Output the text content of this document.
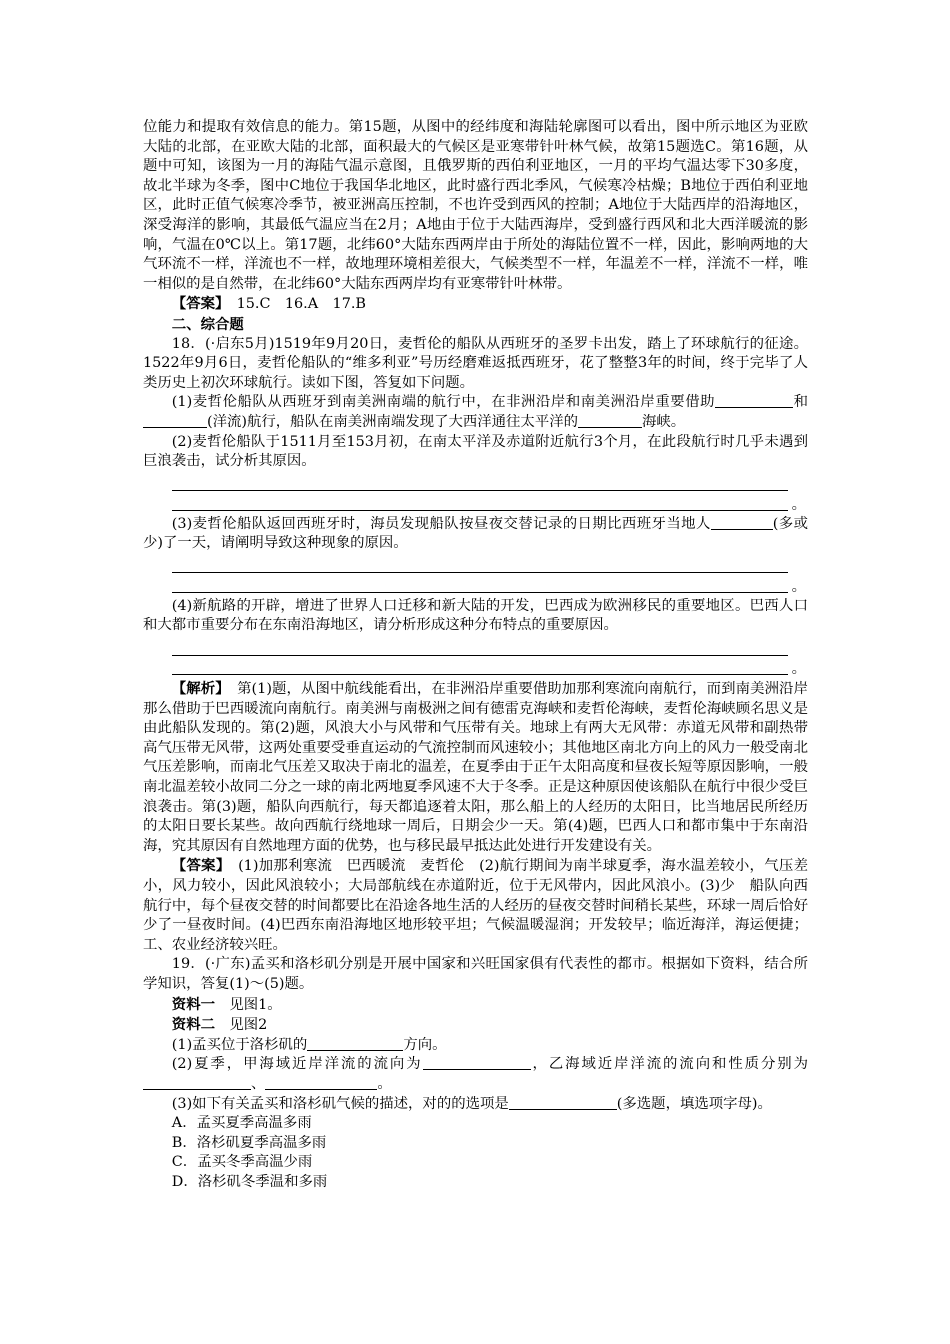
位能力和提取有效信息的能力。第15题，从图中的经纬度和海陆轮廓图可以看出，图中所示地区为亚欧大陆的北部，在亚欧大陆的北部，面积最大的气候区是亚寒带针叶林气候，故第15题选C。第16题，从题中可知，该图为一月的海陆气温示意图，且俄罗斯的西伯利亚地区，一月的平均气温达零下30多度，故北半球为冬季，图中C地位于我国华北地区，此时盛行西北季风，气候寒冷枯燥；B地位于西伯利亚地区，此时正值气候寒冷季节，被亚洲高压控制，不也许受到西风的控制；A地位于大陆西岸的沿海地区，深受海洋的影响，其最低气温应当在2月；A地由于位于大陆西海岸，受到盛行西风和北大西洋暖流的影响，气温在0℃以上。第17题，北纬60°大陆东西两岸由于所处的海陆位置不一样，因此，影响两地的大气环流不一样，洋流也不一样，故地理环境相差很大，气候类型不一样，年温差不一样，洋流不一样，唯一相似的是自然带，在北纬60°大陆东西两岸均有亚寒带针叶林带。

【答案】　 15.C　16.A　17.B

二、综合题

18．(·启东5月)1519年9月20日，麦哲伦的船队从西班牙的圣罗卡出发，踏上了环球航行的征途。1522年9月6日，麦哲伦船队的“维多利亚”号历经磨难返抵西班牙，花了整整3年的时间，终于完毕了人类历史上初次环球航行。读如下图，答复如下问题。

(1)麦哲伦船队从西班牙到南美洲南端的航行中，在非洲沿岸和南美洲沿岸重要借助	和(洋流)航行，船队在南美洲南端发现了大西洋通往太平洋的	海峡。

(2)麦哲伦船队于1511月至153月初，在南太平洋及赤道附近航行3个月，在此段航行时几乎未遇到巨浪袭击，试分析其原因。

。

(3)麦哲伦船队返回西班牙时，海员发现船队按昼夜交替记录的日期比西班牙当地人	(多或少)了一天，请阐明导致这种现象的原因。

。

(4)新航路的开辟，增进了世界人口迁移和新大陆的开发，巴西成为欧洲移民的重要地区。巴西人口和大都市重要分布在东南沿海地区，请分析形成这种分布特点的重要原因。

。

【解析】　 第(1)题，从图中航线能看出，在非洲沿岸重要借助加那利寒流向南航行，而到南美洲沿岸那么借助于巴西暖流向南航行。南美洲与南极洲之间有德雷克海峡和麦哲伦海峡，麦哲伦海峡顾名思义是由此船队发现的。第(2)题，风浪大小与风带和气压带有关。地球上有两大无风带：赤道无风带和副热带高气压带无风带，这两处重要受垂直运动的气流控制而风速较小；其他地区南北方向上的风力一般受南北气压差影响，而南北气压差又取决于南北的温差，在夏季由于正午太阳高度和昼夜长短等原因影响，一般南北温差较小故同二分之一球的南北两地夏季风速不大于冬季。正是这种原因使该船队在航行中很少受巨浪袭击。第(3)题，船队向西航行，每天都追逐着太阳，那么船上的人经历的太阳日，比当地居民所经历的太阳日要长某些。故向西航行绕地球一周后，日期会少一天。第(4)题，巴西人口和都市集中于东南沿海，究其原因有自然地理方面的优势，也与移民最早抵达此处进行开发建设有关。

【答案】　 (1)加那利寒流　巴西暖流　麦哲伦　(2)航行期间为南半球夏季，海水温差较小，气压差小，风力较小，因此风浪较小；大局部航线在赤道附近，位于无风带内，因此风浪小。(3)少　船队向西航行中，每个昼夜交替的时间都要比在沿途各地生活的人经历的昼夜交替时间稍长某些，环球一周后恰好少了一昼夜时间。(4)巴西东南沿海地区地形较平坦；气候温暖湿润；开发较早；临近海洋，海运便捷；工、农业经济较兴旺。

19．(·广东)孟买和洛杉矶分别是开展中国家和兴旺国家俱有代表性的都市。根据如下资料，结合所学知识，答复(1)～(5)题。

资料一　见图1。

资料二　见图2

(1)孟买位于洛杉矶的	方向。

(2)夏季，甲海域近岸洋流的流向为	，乙海域近岸洋流的流向和性质分别为、	。

(3)如下有关孟买和洛杉矶气候的描述，对的的选项是	(多选题，填选项字母)。

A．孟买夏季高温多雨

B．洛杉矶夏季高温多雨

C．孟买冬季高温少雨

D．洛杉矶冬季温和多雨
